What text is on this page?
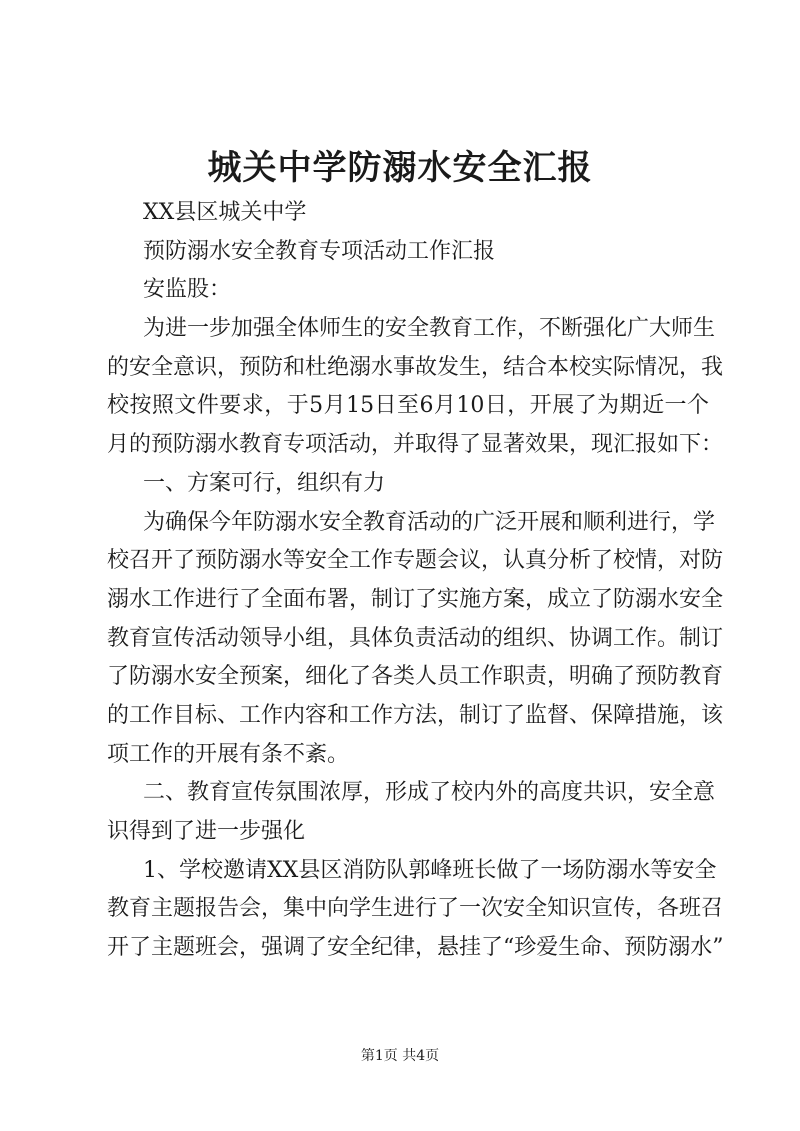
城关中学防溺水安全汇报
XX县区城关中学
预防溺水安全教育专项活动工作汇报
安监股：
为进一步加强全体师生的安全教育工作，不断强化广大师生
的安全意识，预防和杜绝溺水事故发生，结合本校实际情况，我
校按照文件要求，于5月15日至6月10日，开展了为期近一个
月的预防溺水教育专项活动，并取得了显著效果，现汇报如下：
一、方案可行，组织有力
为确保今年防溺水安全教育活动的广泛开展和顺利进行，学
校召开了预防溺水等安全工作专题会议，认真分析了校情，对防
溺水工作进行了全面布署，制订了实施方案，成立了防溺水安全
教育宣传活动领导小组，具体负责活动的组织、协调工作。制订
了防溺水安全预案，细化了各类人员工作职责，明确了预防教育
的工作目标、工作内容和工作方法，制订了监督、保障措施，该
项工作的开展有条不紊。
二、教育宣传氛围浓厚，形成了校内外的高度共识，安全意
识得到了进一步强化
1、学校邀请XX县区消防队郭峰班长做了一场防溺水等安全
教育主题报告会，集中向学生进行了一次安全知识宣传，各班召
开了主题班会，强调了安全纪律，悬挂了“珍爱生命、预防溺水”
第1页 共4页
